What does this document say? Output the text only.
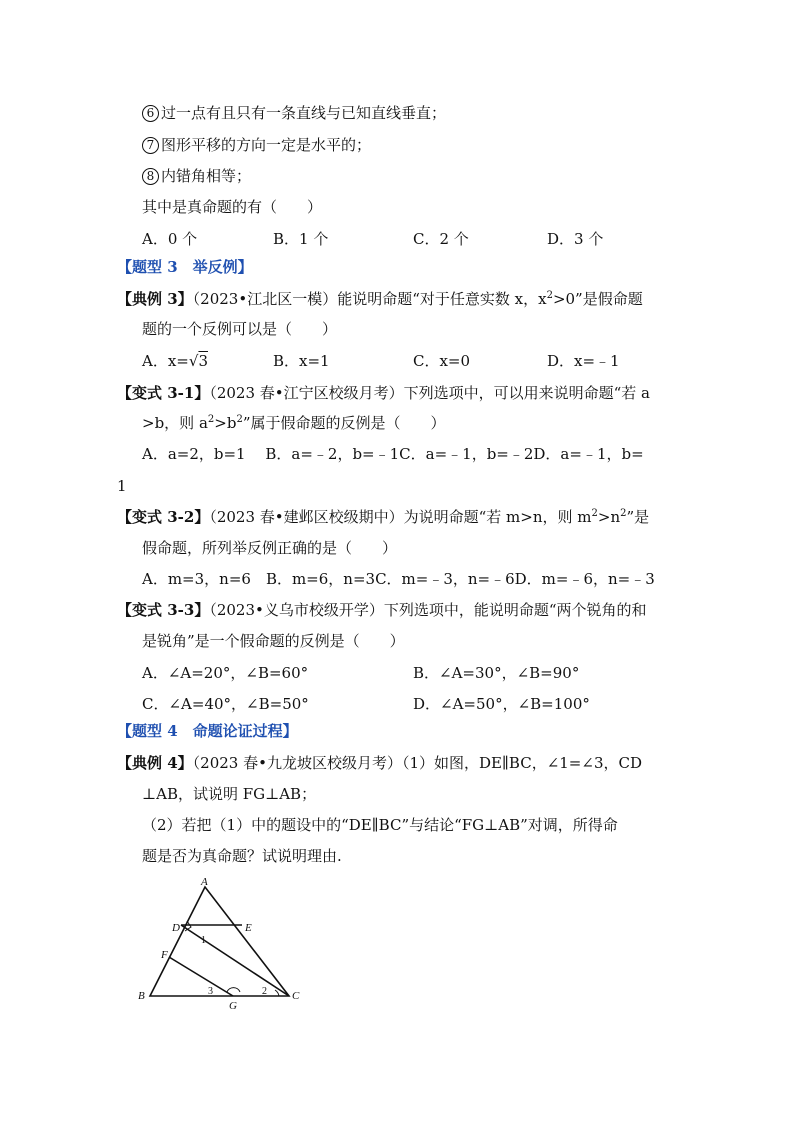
6 过一点有且只有一条直线与已知直线垂直；
7 图形平移的方向一定是水平的；
8 内错角相等；
其中是真命题的有（　　）
A．0 个	B．1 个	C．2 个	D．3 个
【题型 3　举反例】
【典例 3】（2023•江北区一模）能说明命题“对于任意实数 x，$x^2>0$”是假命题
题的一个反例可以是（　　）
A．x=√3	B．x=1	C．x=0	D．x=﹣1
【变式 3-1】（2023 春•江宁区校级月考）下列选项中，可以用来说明命题“若 a
>b，则 $a^2>b^2$”属于假命题的反例是（　　）
A．a=2，b=1　 B．a=﹣2，b=﹣1C．a=﹣1，b=﹣2D．a=﹣1，b=
1
【变式 3-2】（2023 春•建邺区校级期中）为说明命题“若 m>n，则 $m^2>n^2$”是
假命题，所列举反例正确的是（　　）
A．m=3，n=6　B．m=6，n=3C．m=﹣3，n=﹣6D．m=﹣6，n=﹣3
【变式 3-3】（2023•义乌市校级开学）下列选项中，能说明命题“两个锐角的和
是锐角”是一个假命题的反例是（　　）
A．∠A=20°，∠B=60°	B．∠A=30°，∠B=90°
C．∠A=40°，∠B=50°	D．∠A=50°，∠B=100°
【题型 4　命题论证过程】
【典例 4】（2023 春•九龙坡区校级月考）（1）如图，DE∥BC，∠1=∠3，CD
⊥AB，试说明 FG⊥AB；
（2）若把（1）中的题设中的“DE∥BC”与结论“FG⊥AB”对调，所得命
题是否为真命题？试说明理由.
A
B	C
D	E
F
G
1
2
3
